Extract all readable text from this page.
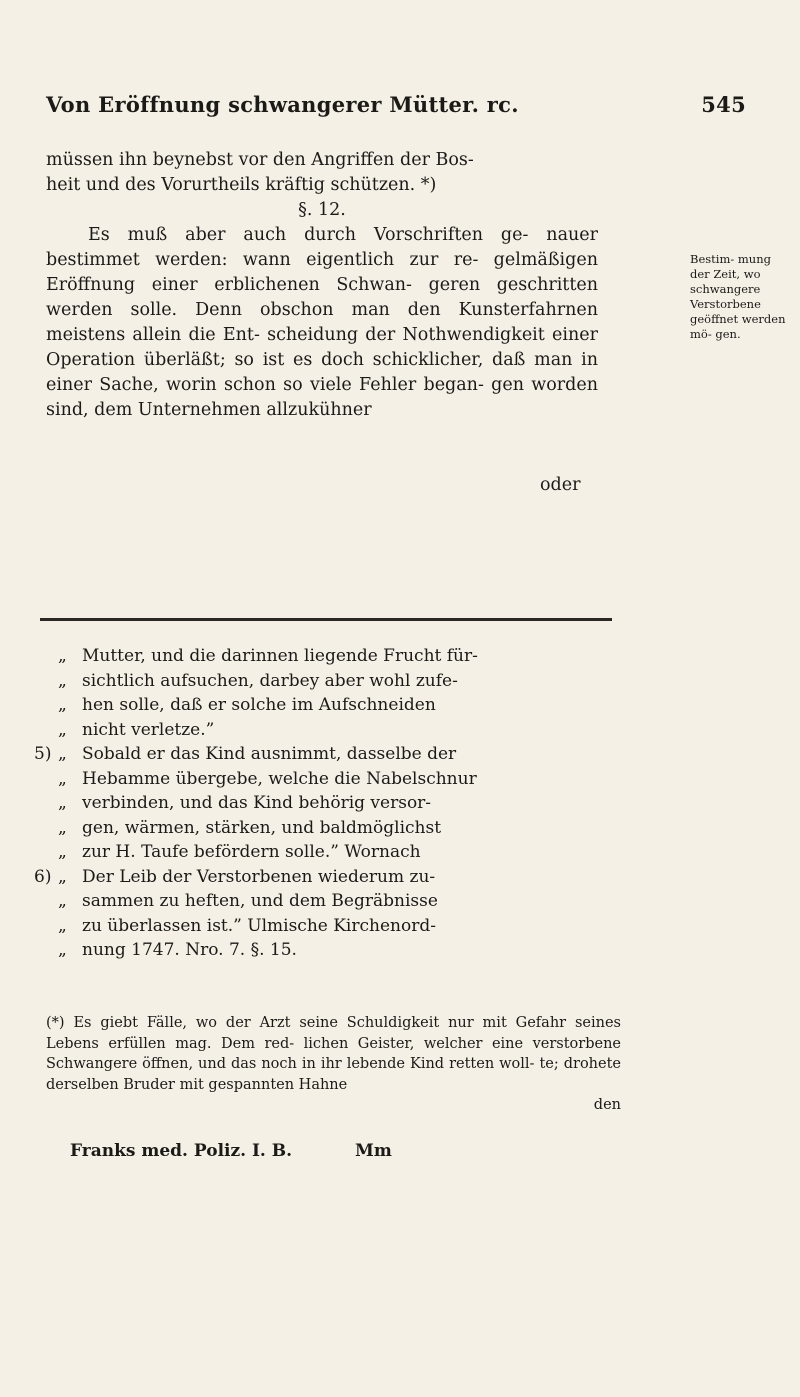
Von Eröffnung schwangerer Mütter. rc.	545

müssen ihn beynebst vor den Angriffen der Bos-

heit und des Vorurtheils kräftig schützen. *)

§. 12.

Es muß aber auch durch Vorschriften ge- nauer bestimmet werden: wann eigentlich zur re- gelmäßigen Eröffnung einer erblichenen Schwan- geren geschritten werden solle. Denn obschon man den Kunsterfahrnen meistens allein die Ent- scheidung der Nothwendigkeit einer Operation überläßt; so ist es doch schicklicher, daß man in einer Sache, worin schon so viele Fehler began- gen worden sind, dem Unternehmen allzukühner

oder
Bestim- mung der Zeit, wo schwangere Verstorbene geöffnet werden mö- gen.
„ Mutter, und die darinnen liegende Frucht für-
„ sichtlich aufsuchen, darbey aber wohl zufe-
„ hen solle, daß er solche im Aufschneiden
„ nicht verletze.”
5) „ Sobald er das Kind ausnimmt, dasselbe der
„ Hebamme übergebe, welche die Nabelschnur
„ verbinden, und das Kind behörig versor-
„ gen, wärmen, stärken, und baldmöglichst
„ zur H. Taufe befördern solle.” Wornach
6) „ Der Leib der Verstorbenen wiederum zu-
„ sammen zu heften, und dem Begräbnisse
„ zu überlassen ist.” Ulmische Kirchenord-
„ nung 1747. Nro. 7. §. 15.

(*) Es giebt Fälle, wo der Arzt seine Schuldigkeit nur mit Gefahr seines Lebens erfüllen mag. Dem red- lichen Geister, welcher eine verstorbene Schwangere öffnen, und das noch in ihr lebende Kind retten woll- te; drohete derselben Bruder mit gespannten Hahne

den

Franks med. Poliz. I. B.	Mm
